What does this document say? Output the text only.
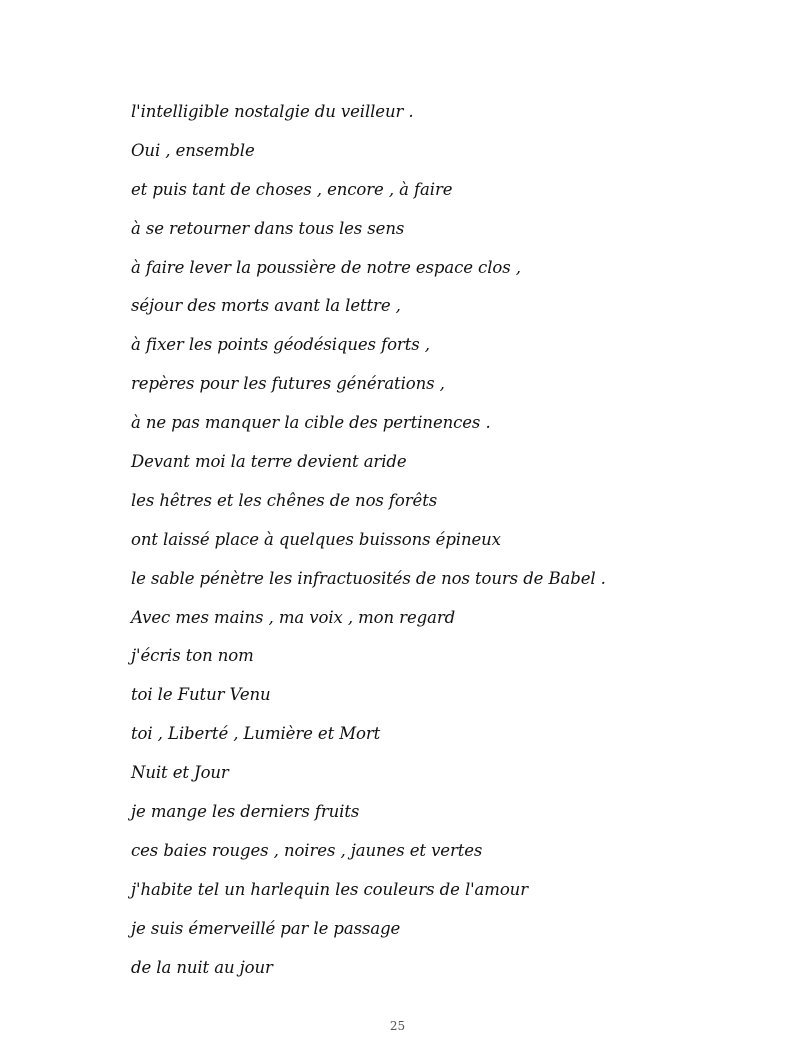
l'intelligible nostalgie du veilleur .
Oui , ensemble
et puis tant de choses , encore , à faire
à se retourner dans tous les sens
à faire lever la poussière de notre espace clos ,
séjour des morts avant la lettre ,
à fixer les points géodésiques forts ,
repères pour les futures générations ,
à ne pas manquer la cible des pertinences .
Devant moi la terre devient aride
les hêtres et les chênes de nos forêts
ont laissé place à quelques buissons épineux
le sable pénètre les infractuosités de nos tours de Babel .
Avec mes mains , ma voix , mon regard
j'écris ton nom
toi le Futur Venu
toi , Liberté , Lumière et Mort
Nuit et Jour
je mange les derniers fruits
ces baies rouges , noires , jaunes et vertes
j'habite tel un harlequin les couleurs de l'amour
je suis émerveillé par le passage
de la nuit au jour
25
